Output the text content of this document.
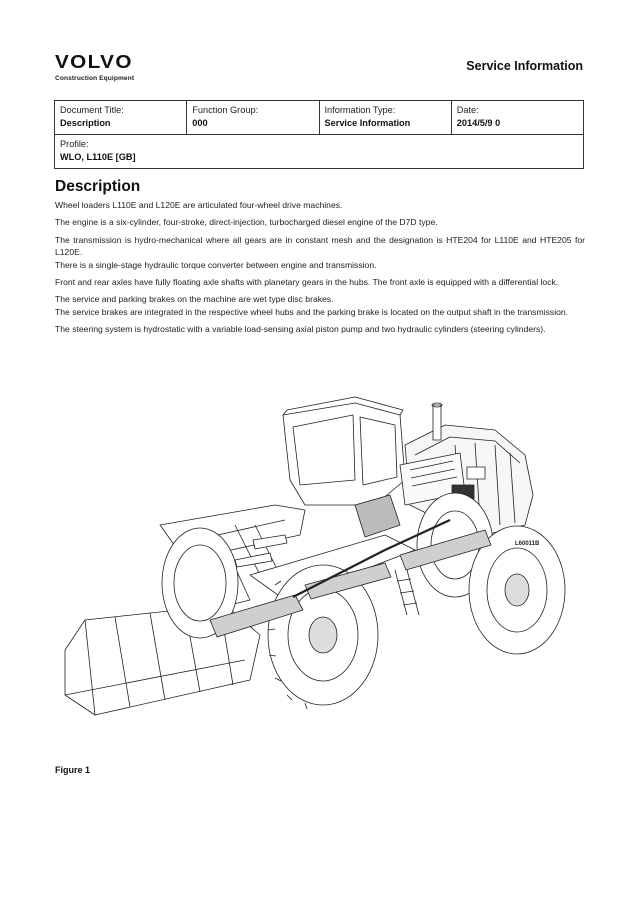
VOLVO
Construction Equipment
Service Information
Document Title:
Description

Function Group:
000

Information Type:
Service Information

Date:
2014/5/9 0

Profile:
WLO, L110E [GB]
Description

Wheel loaders L110E and L120E are articulated four-wheel drive machines.

The engine is a six-cylinder, four-stroke, direct-injection, turbocharged diesel engine of the D7D type.

The transmission is hydro-mechanical where all gears are in constant mesh and the designation is HTE204 for L110E and HTE205 for L120E.
There is a single-stage hydraulic torque converter between engine and transmission.

Front and rear axles have fully floating axle shafts with planetary gears in the hubs. The front axle is equipped with a differential lock.

The service and parking brakes on the machine are wet type disc brakes.
The service brakes are integrated in the respective wheel hubs and the parking brake is located on the output shaft in the transmission.

The steering system is hydrostatic with a variable load-sensing axial piston pump and two hydraulic cylinders (steering cylinders).

L60011B
Figure 1
